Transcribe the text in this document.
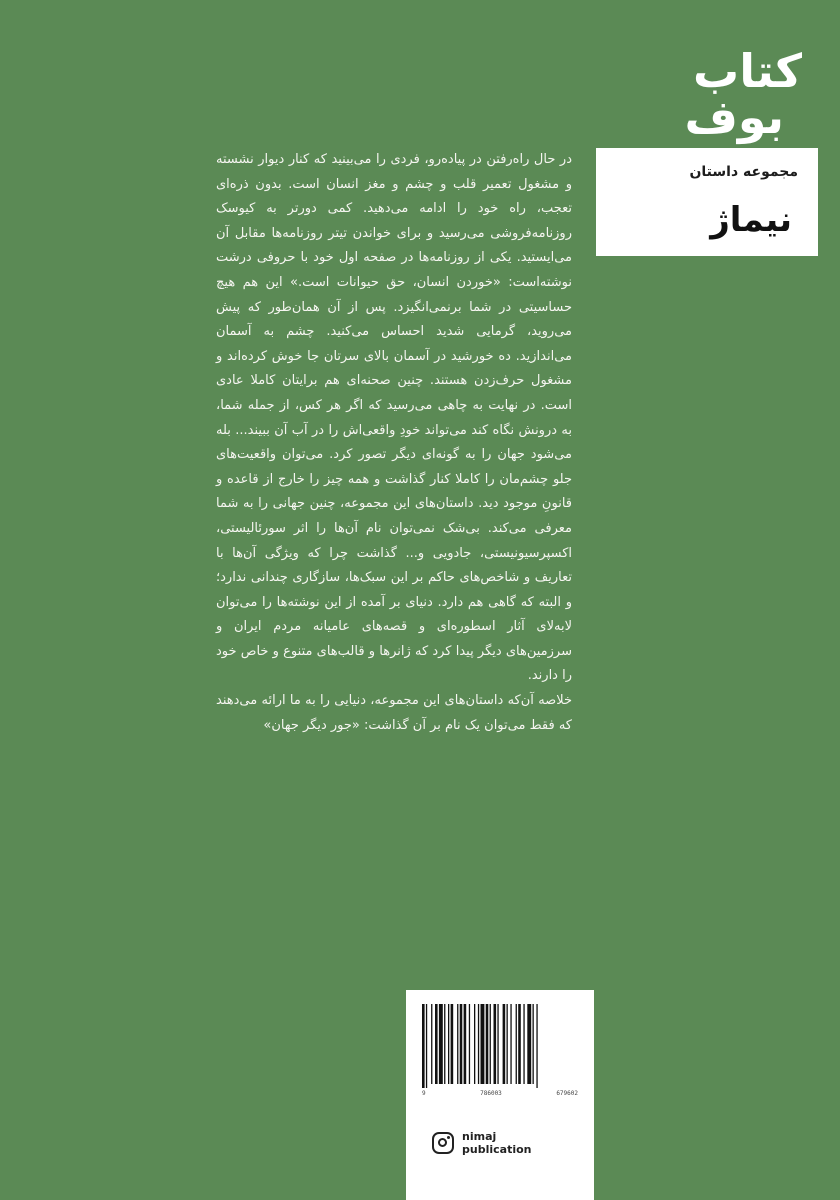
کتاب
بوف
مجموعه داستان
نیماژ

در حال راه‌رفتن در پیاده‌رو، فردی را می‌بینید که کنار دیوار نشسته و مشغول تعمیر قلب و چشم و مغز انسان است. بدون ذره‌ای تعجب، راه خود را ادامه می‌دهید. کمی دورتر به کیوسک روزنامه‌فروشی می‌رسید و برای خواندن تیتر روزنامه‌ها مقابل آن می‌ایستید. یکی از روزنامه‌ها در صفحه اول خود با حروفی درشت نوشته‌است: «خوردن انسان، حق حیوانات است.» این هم هیچ حساسیتی در شما برنمی‌انگیزد. پس از آن همان‌طور که پیش می‌روید، گرمایی شدید احساس می‌کنید. چشم به آسمان می‌اندازید. ده خورشید در آسمان بالای سرتان جا خوش کرده‌اند و مشغول حرف‌زدن هستند. چنین صحنه‌ای هم برایتان کاملا عادی است. در نهایت به چاهی می‌رسید که اگر هر کس، از جمله شما، به درونش نگاه کند می‌تواند خودِ واقعی‌اش را در آب آن ببیند... بله می‌شود جهان را به گونه‌ای دیگر تصور کرد. می‌توان واقعیت‌های جلو چشم‌مان را کاملا کنار گذاشت و همه چیز را خارج از قاعده و قانونِ موجود دید. داستان‌های این مجموعه، چنین جهانی را به شما معرفی می‌کند. بی‌شک نمی‌توان نام آن‌ها را اثر سورئالیستی، اکسپرسیونیستی، جادویی و... گذاشت چرا که ویژگی آن‌ها با تعاریف و شاخص‌های حاکم بر این سبک‌ها، سازگاری چندانی ندارد؛ و البته که گاهی هم دارد. دنیای بر آمده از این نوشته‌ها را می‌توان لابه‌لای آثار اسطوره‌ای و قصه‌های عامیانه مردم ایران و سرزمین‌های دیگر پیدا کرد که ژانرها و قالب‌های متنوع و خاص خود را دارند.

خلاصه آن‌که داستان‌های این مجموعه، دنیایی را به ما ارائه می‌دهند که فقط می‌توان یک نام بر آن گذاشت: «جور دیگر جهان»

9	786003	679602
nimaj
publication
